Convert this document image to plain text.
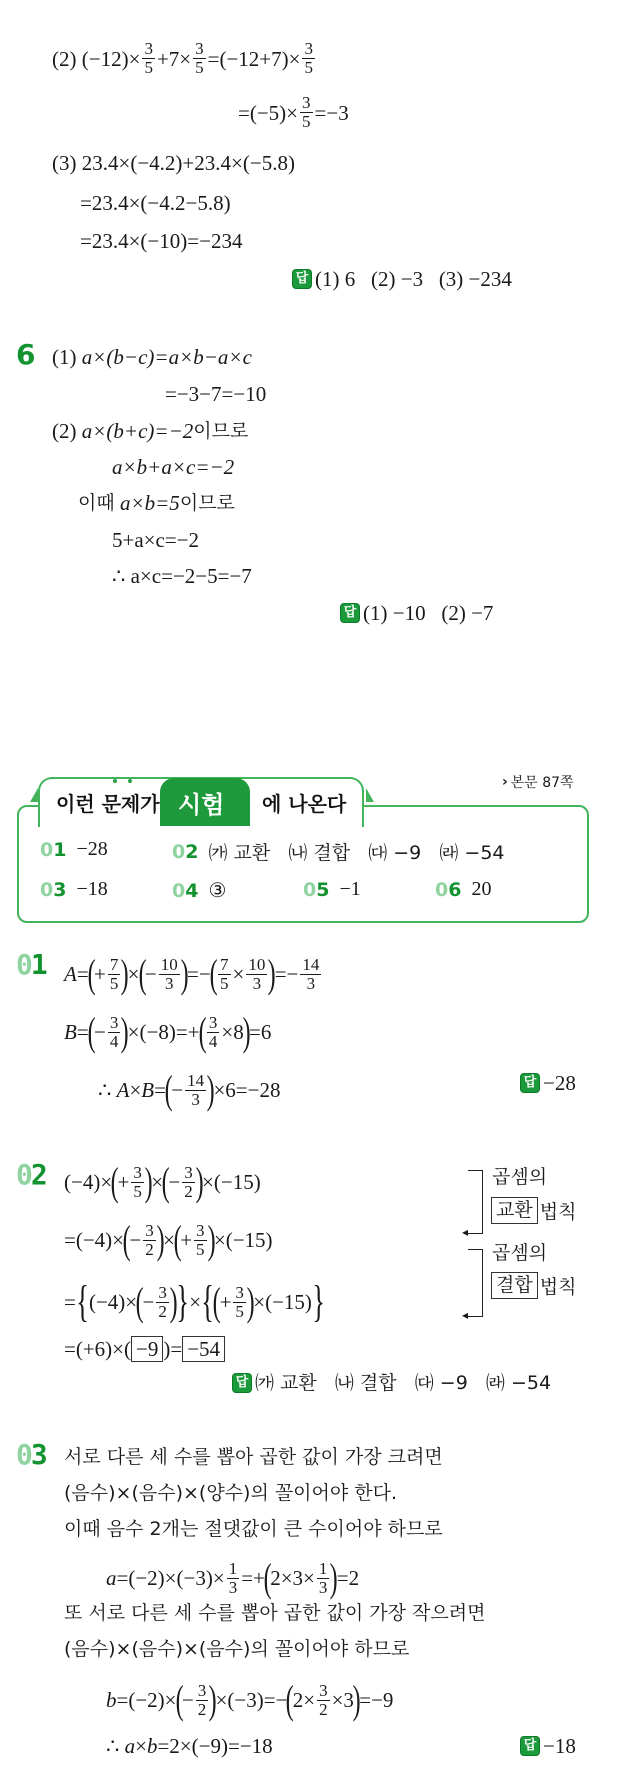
(2) $(-12)\times \frac{3}{5} +7\times \frac{3}{5} =(-12+7)\times \frac{3}{5}$
$=(-5)\times \frac{3}{5} =-3$
(3)
23.4×(−4.2)+23.4×(−5.8)
=23.4×(−4.2−5.8)
=23.4×(−10)=−234
답 (1) 6   (2) −3   (3) −234
6 (1)
a×(b−c)=a×b−a×c
=−3−7=−10
(2)
a×(b+c)=−2 이므로
a×b+a×c=−2
이때
a×b=5 이므로
5+a×c=−2
∴ a×c=−2−5=−7
답 (1) −10   (2) −7
이런 문제가 시험 에 나온다
› 본문 87쪽
01 −28	02 ㈎ 교환   ㈏ 결합   ㈐ −9   ㈑ −54
03 −18	04 ③	05 −1	06 20
01 A =
(
+ $\frac{7}{5}$ )
×
(
− $\frac{10}{3}$ )
=−
( $\frac{7}{5} \times \frac{10}{3}$ )
=− $\frac{14}{3}$
B =
(
− $\frac{3}{4}$ )
×(−8)=+
( $\frac{3}{4} \times 8$
)
=6
∴ A × B =
(
− $\frac{14}{3}$ )
×6=−28	답 −28
02 (−4)×
(
+ $\frac{3}{5}$ )
×
(
− $\frac{3}{2}$ )
×(−15)
=(−4)×
(
− $\frac{3}{2}$ )
×
(
+ $\frac{3}{5}$ )
×(−15)
= { (−4)×
(
− $\frac{3}{2}$ )
} × {
(
+ $\frac{3}{5}$ )
×(−15) }
=(+6)×( −9 )= −54
◂
◂
곱셈의
교환 법칙
곱셈의
결합 법칙
답 ㈎ 교환   ㈏ 결합   ㈐ −9   ㈑ −54
03 서로 다른 세 수를 뽑아 곱한 값이 가장 크려면
(음수)×(음수)×(양수)의 꼴이어야 한다.
이때 음수 2개는 절댓값이 큰 수이어야 하므로
$a =(-2)\times(-3)\times \frac{1}{3}$ =+
(
$2\times 3\times \frac{1}{3}$ )
=2
또 서로 다른 세 수를 뽑아 곱한 값이 가장 작으려면
(음수)×(음수)×(음수)의 꼴이어야 하므로
b =(−2)×
(
− $\frac{3}{2}$ )
×(−3)=−
(
$2\times \frac{3}{2} \times 3$
)
=−9
∴ a × b =2×(−9)=−18	답 −18
